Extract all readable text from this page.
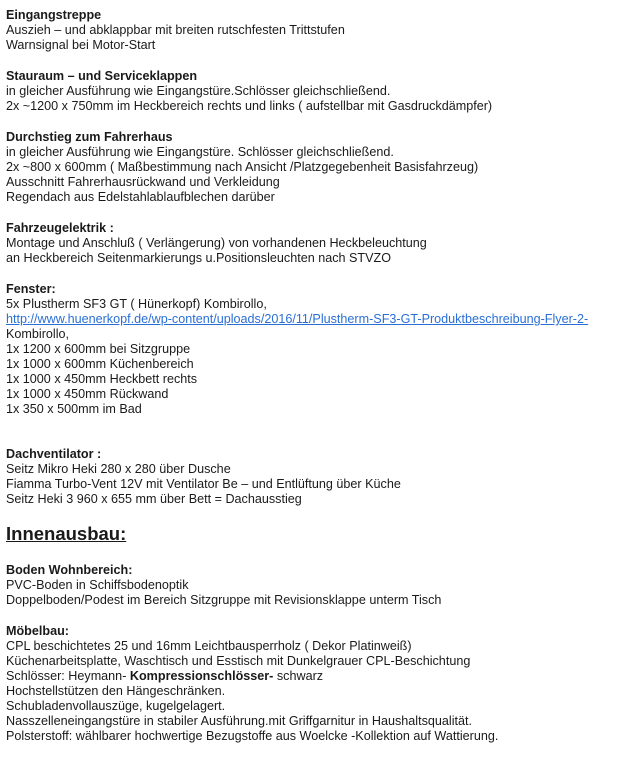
Eingangstreppe
Auszieh – und abklappbar mit breiten rutschfesten Trittstufen
Warnsignal bei Motor-Start
Stauraum – und Serviceklappen
in gleicher Ausführung wie Eingangstüre.Schlösser gleichschließend.
2x ~1200 x 750mm im Heckbereich rechts und links ( aufstellbar mit Gasdruckdämpfer)
Durchstieg zum Fahrerhaus
in gleicher Ausführung wie Eingangstüre. Schlösser gleichschließend.
2x ~800 x 600mm ( Maßbestimmung nach Ansicht /Platzgegebenheit Basisfahrzeug)
Ausschnitt Fahrerhausrückwand und Verkleidung
Regendach aus Edelstahlablaufblechen darüber
Fahrzeugelektrik :
Montage und Anschluß ( Verlängerung) von vorhandenen Heckbeleuchtung
an Heckbereich Seitenmarkierungs u.Positionsleuchten nach STVZO
Fenster:
5x Plustherm SF3 GT ( Hünerkopf) Kombirollo,
http://www.huenerkopf.de/wp-content/uploads/2016/11/Plustherm-SF3-GT-Produktbeschreibung-Flyer-2-
Kombirollo,
1x 1200 x 600mm bei Sitzgruppe
1x 1000 x 600mm Küchenbereich
1x 1000 x 450mm Heckbett rechts
1x 1000 x 450mm Rückwand
1x 350 x 500mm im Bad
Dachventilator :
Seitz Mikro Heki 280 x 280 über Dusche
Fiamma Turbo-Vent 12V mit Ventilator Be – und Entlüftung über Küche
Seitz Heki 3 960 x 655 mm über Bett = Dachausstieg
Innenausbau:
Boden Wohnbereich:
PVC-Boden in Schiffsbodenoptik
Doppelboden/Podest im Bereich Sitzgruppe mit Revisionsklappe unterm Tisch
Möbelbau:
CPL beschichtetes 25 und 16mm Leichtbausperrholz ( Dekor Platinweiß)
Küchenarbeitsplatte, Waschtisch und Esstisch mit Dunkelgrauer CPL-Beschichtung
Schlösser: Heymann- Kompressionschlösser- schwarz
Hochstellstützen den Hängeschränken.
Schubladenvollauszüge, kugelgelagert.
Nasszelleneingangstüre in stabiler Ausführung.mit Griffgarnitur in Haushaltsqualität.
Polsterstoff: wählbarer hochwertige Bezugstoffe aus Woelcke -Kollektion auf Wattierung.
